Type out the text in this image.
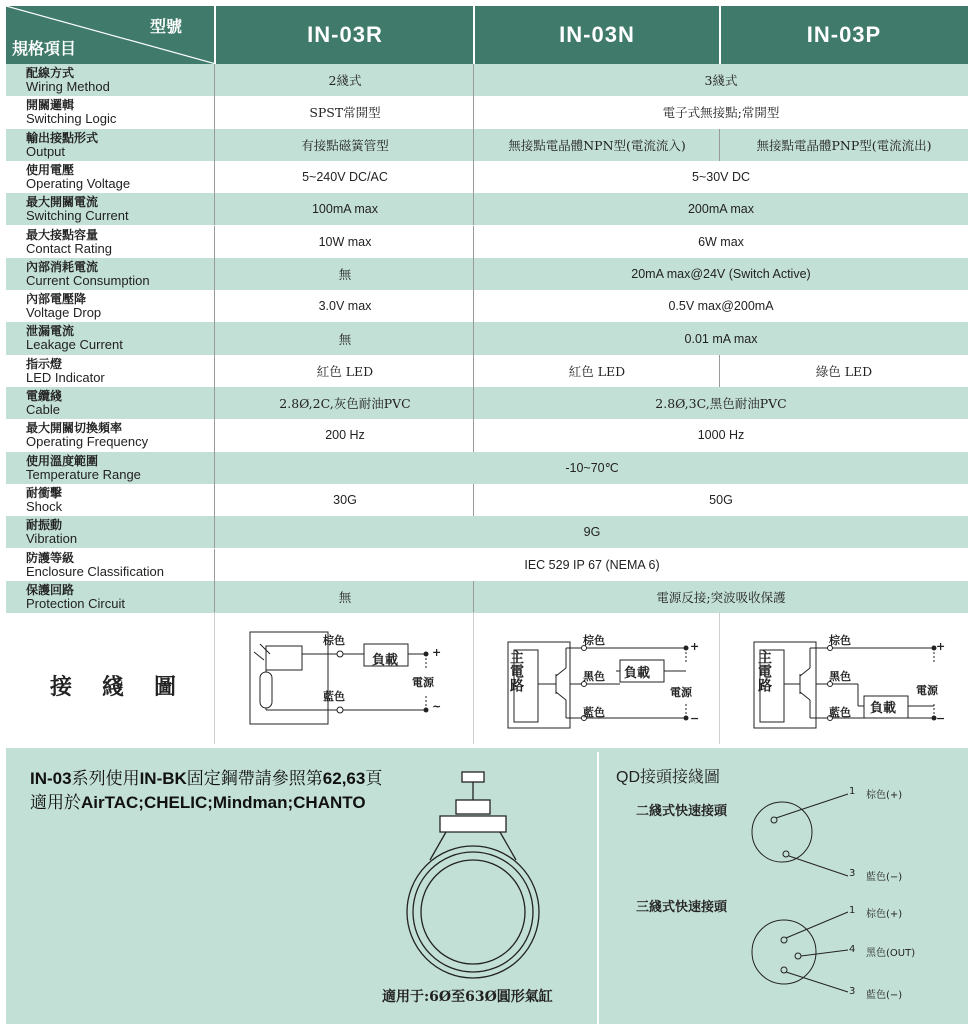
型號
規格項目
IN-03R	IN-03N	IN-03P
配線方式
Wiring Method	2綫式	3綫式
開關邏輯
Switching Logic	SPST常開型	電子式無接點;常開型
輸出接點形式
Output	有接點磁簧管型	無接點電晶體NPN型(電流流入)	無接點電晶體PNP型(電流流出)
使用電壓
Operating Voltage	5~240V DC/AC	5~30V DC
最大開關電流
Switching Current	100mA max	200mA max
最大接點容量
Contact Rating	10W max	6W max
內部消耗電流
Current Consumption	無	20mA max@24V (Switch Active)
內部電壓降
Voltage Drop	3.0V max	0.5V max@200mA
泄漏電流
Leakage Current	無	0.01 mA max
指示燈
LED Indicator	紅色 LED	紅色 LED	綠色 LED
電纜綫
Cable	2.8Ø,2C,灰色耐油PVC	2.8Ø,3C,黑色耐油PVC
最大開關切換頻率
Operating Frequency	200 Hz	1000 Hz
使用溫度範圍
Temperature Range	-10~70℃
耐衝擊
Shock	30G	50G
耐振動
Vibration	9G
防護等級
Enclosure Classification	IEC 529 IP 67 (NEMA 6)
保護回路
Protection Circuit	無	電源反接;突波吸收保護
接綫圖
棕色
藍色
負載
電源
+
~
主電路
棕色
黑色
藍色
負載
電源
+
−
主電路
棕色
黑色
藍色 負載
電源
+
−
IN-03系列使用IN-BK固定鋼帶請參照第62,63頁
適用於AirTAC;CHELIC;Mindman;CHANTO
適用于:6Ø至63Ø圓形氣缸
QD接頭接綫圖
二綫式快速接頭
三綫式快速接頭
1 棕色(+)
3 藍色(−)
1 棕色(+)
4 黑色(OUT)
3 藍色(−)
